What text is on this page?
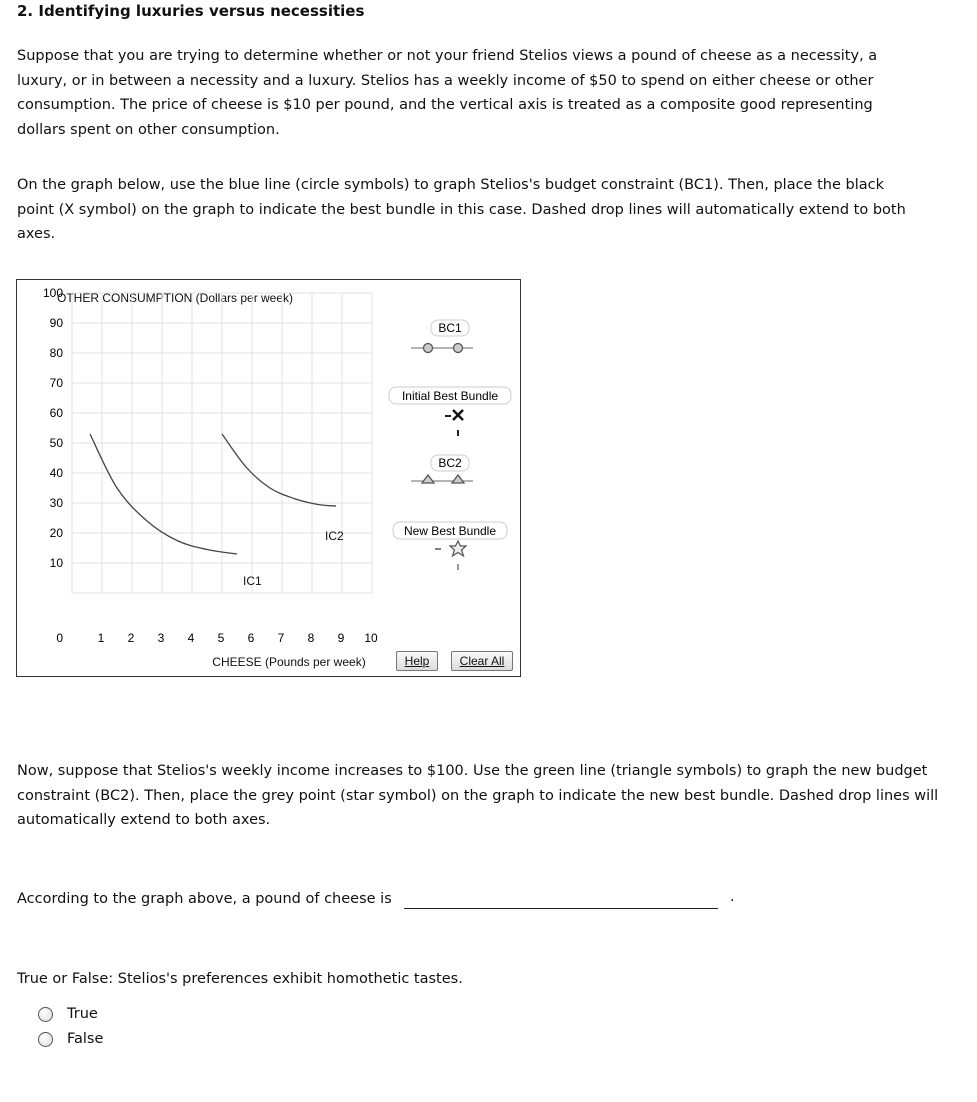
2. Identifying luxuries versus necessities
Suppose that you are trying to determine whether or not your friend Stelios views a pound of cheese as a necessity, a luxury, or in between a necessity and a luxury. Stelios has a weekly income of $50 to spend on either cheese or other consumption. The price of cheese is $10 per pound, and the vertical axis is treated as a composite good representing dollars spent on other consumption.
On the graph below, use the blue line (circle symbols) to graph Stelios's budget constraint (BC1). Then, place the black point (X symbol) on the graph to indicate the best bundle in this case. Dashed drop lines will automatically extend to both axes.
OTHER CONSUMPTION (Dollars per week)
CHEESE (Pounds per week)
100
90
80
70
60
50
40
30
20
10
0	1 2 3 4 5 6 7 8 9 10
IC1
IC2
BC1
Initial Best Bundle
BC2
New Best Bundle
Help	Clear All
Now, suppose that Stelios's weekly income increases to $100. Use the green line (triangle symbols) to graph the new budget constraint (BC2). Then, place the grey point (star symbol) on the graph to indicate the new best bundle. Dashed drop lines will automatically extend to both axes.
According to the graph above, a pound of cheese is	.
True or False: Stelios's preferences exhibit homothetic tastes.
True
False
